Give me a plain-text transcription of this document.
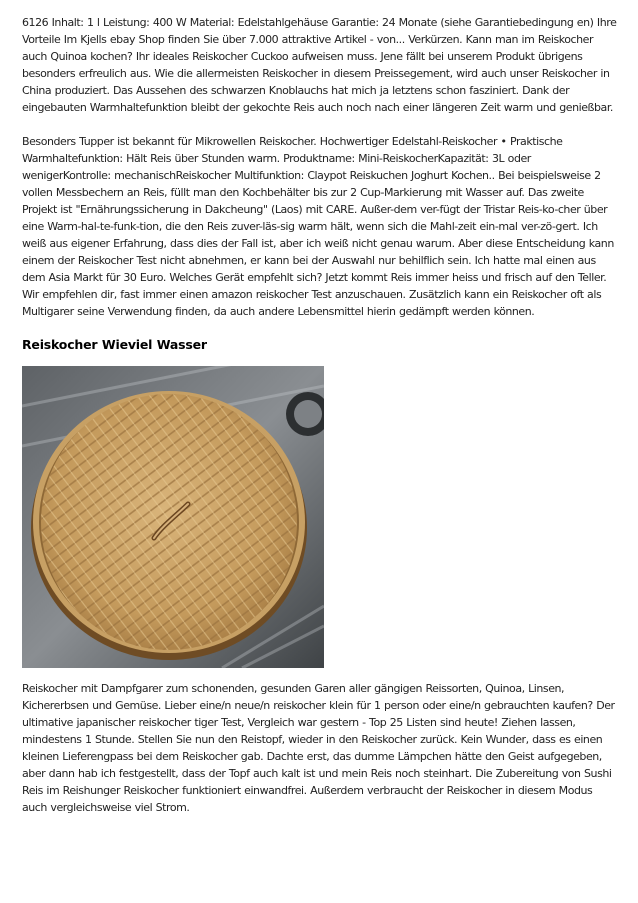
6126 Inhalt: 1 l Leistung: 400 W Material: Edelstahlgehäuse Garantie: 24 Monate (siehe Garantiebedingung en) Ihre Vorteile Im Kjells ebay Shop finden Sie über 7.000 attraktive Artikel - von... Verkürzen. Kann man im Reiskocher auch Quinoa kochen? Ihr ideales Reiskocher Cuckoo aufweisen muss. Jene fällt bei unserem Produkt übrigens besonders erfreulich aus. Wie die allermeisten Reiskocher in diesem Preissegement, wird auch unser Reiskocher in China produziert. Das Aussehen des schwarzen Knoblauchs hat mich ja letztens schon fasziniert. Dank der eingebauten Warmhaltefunktion bleibt der gekochte Reis auch noch nach einer längeren Zeit warm und genießbar.

Besonders Tupper ist bekannt für Mikrowellen Reiskocher. Hochwertiger Edelstahl-Reiskocher • Praktische Warmhaltefunktion: Hält Reis über Stunden warm. Produktname: Mini-ReiskocherKapazität: 3L oder wenigerKontrolle: mechanischReiskocher Multifunktion: Claypot Reiskuchen Joghurt Kochen.. Bei beispielsweise 2 vollen Messbechern an Reis, füllt man den Kochbehälter bis zur 2 Cup-Markierung mit Wasser auf. Das zweite Projekt ist "Ernährungssicherung in Dakcheung" (Laos) mit CARE. Außer-dem ver-fügt der Tristar Reis-ko-cher über eine Warm-hal-te-funk-tion, die den Reis zuver-läs-sig warm hält, wenn sich die Mahl-zeit ein-mal ver-zö-gert. Ich weiß aus eigener Erfahrung, dass dies der Fall ist, aber ich weiß nicht genau warum. Aber diese Entscheidung kann einem der Reiskocher Test nicht abnehmen, er kann bei der Auswahl nur behilflich sein. Ich hatte mal einen aus dem Asia Markt für 30 Euro. Welches Gerät empfehlt sich? Jetzt kommt Reis immer heiss und frisch auf den Teller. Wir empfehlen dir, fast immer einen amazon reiskocher Test anzuschauen. Zusätzlich kann ein Reiskocher oft als Multigarer seine Verwendung finden, da auch andere Lebensmittel hierin gedämpft werden können.

Reiskocher Wieviel Wasser

Reiskocher mit Dampfgarer zum schonenden, gesunden Garen aller gängigen Reissorten, Quinoa, Linsen, Kichererbsen und Gemüse. Lieber eine/n neue/n reiskocher klein für 1 person oder eine/n gebrauchten kaufen? Der ultimative japanischer reiskocher tiger Test, Vergleich war gestern - Top 25 Listen sind heute! Ziehen lassen, mindestens 1 Stunde. Stellen Sie nun den Reistopf, wieder in den Reiskocher zurück. Kein Wunder, dass es einen kleinen Lieferengpass bei dem Reiskocher gab. Dachte erst, das dumme Lämpchen hätte den Geist aufgegeben, aber dann hab ich festgestellt, dass der Topf auch kalt ist und mein Reis noch steinhart. Die Zubereitung von Sushi Reis im Reishunger Reiskocher funktioniert einwandfrei. Außerdem verbraucht der Reiskocher in diesem Modus auch vergleichsweise viel Strom.
